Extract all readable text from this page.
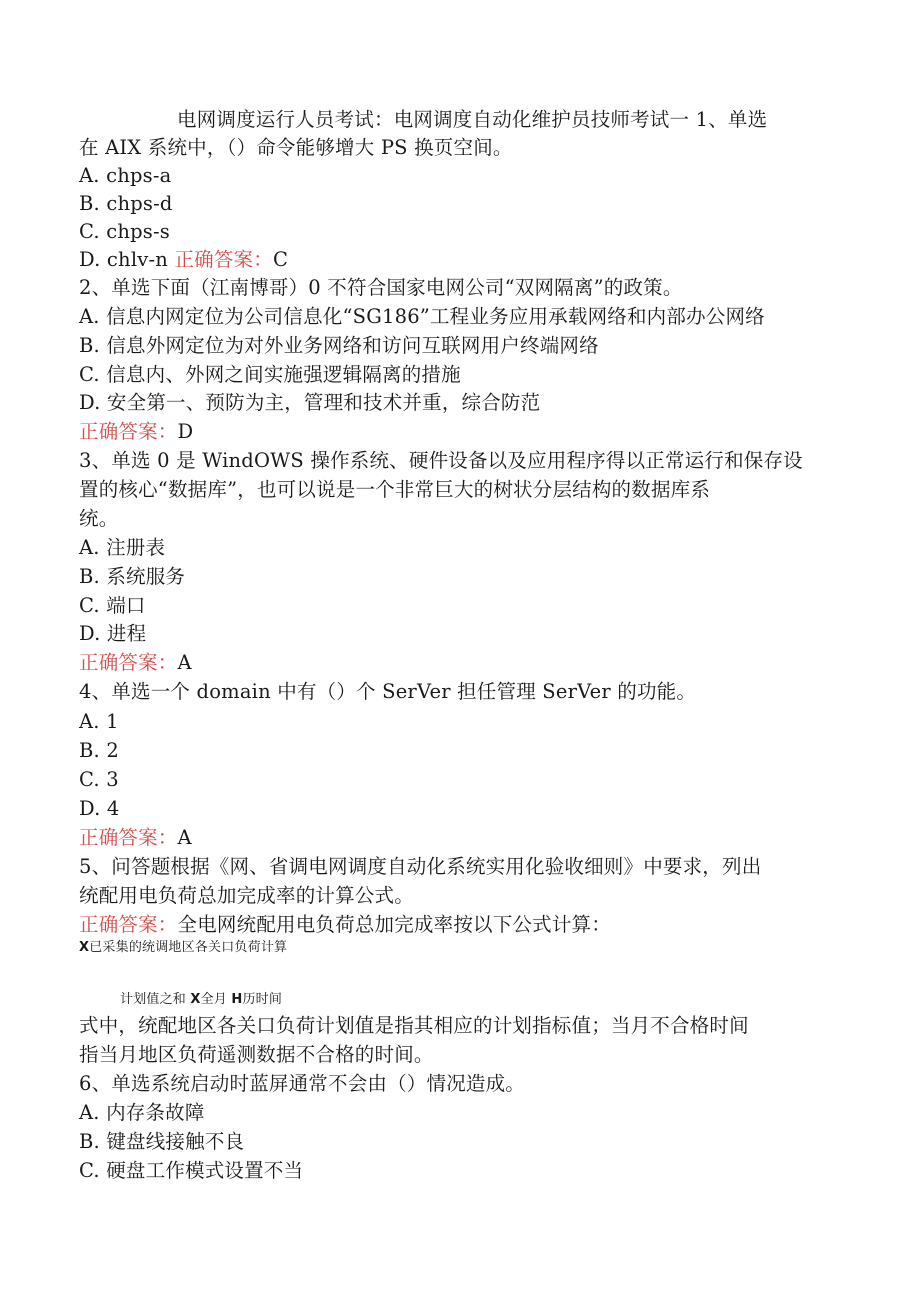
电网调度运行人员考试：电网调度自动化维护员技师考试一 1、单选
在 AIX 系统中，（）命令能够增大 PS 换页空间。
A. chps-a
B. chps-d
C. chps-s
D. chlv-n 正确答案：C
2、单选下面（江南博哥）0 不符合国家电网公司“双网隔离”的政策。
A. 信息内网定位为公司信息化“SG186”工程业务应用承载网络和内部办公网络
B. 信息外网定位为对外业务网络和访问互联网用户终端网络
C. 信息内、外网之间实施强逻辑隔离的措施
D. 安全第一、预防为主，管理和技术并重，综合防范
正确答案：D
3、单选 0 是 WindOWS 操作系统、硬件设备以及应用程序得以正常运行和保存设
置的核心“数据库”，也可以说是一个非常巨大的树状分层结构的数据库系
统。
A. 注册表
B. 系统服务
C. 端口
D. 进程
正确答案：A
4、单选一个 domain 中有（）个 SerVer 担任管理 SerVer 的功能。
A. 1
B. 2
C. 3
D. 4
正确答案：A
5、问答题根据《网、省调电网调度自动化系统实用化验收细则》中要求，列出
统配用电负荷总加完成率的计算公式。
正确答案：全电网统配用电负荷总加完成率按以下公式计算：
X已采集的统调地区各关口负荷计算
计划值之和 X全月 H历时间
式中，统配地区各关口负荷计划值是指其相应的计划指标值；当月不合格时间
指当月地区负荷遥测数据不合格的时间。
6、单选系统启动时蓝屏通常不会由（）情况造成。
A. 内存条故障
B. 键盘线接触不良
C. 硬盘工作模式设置不当
